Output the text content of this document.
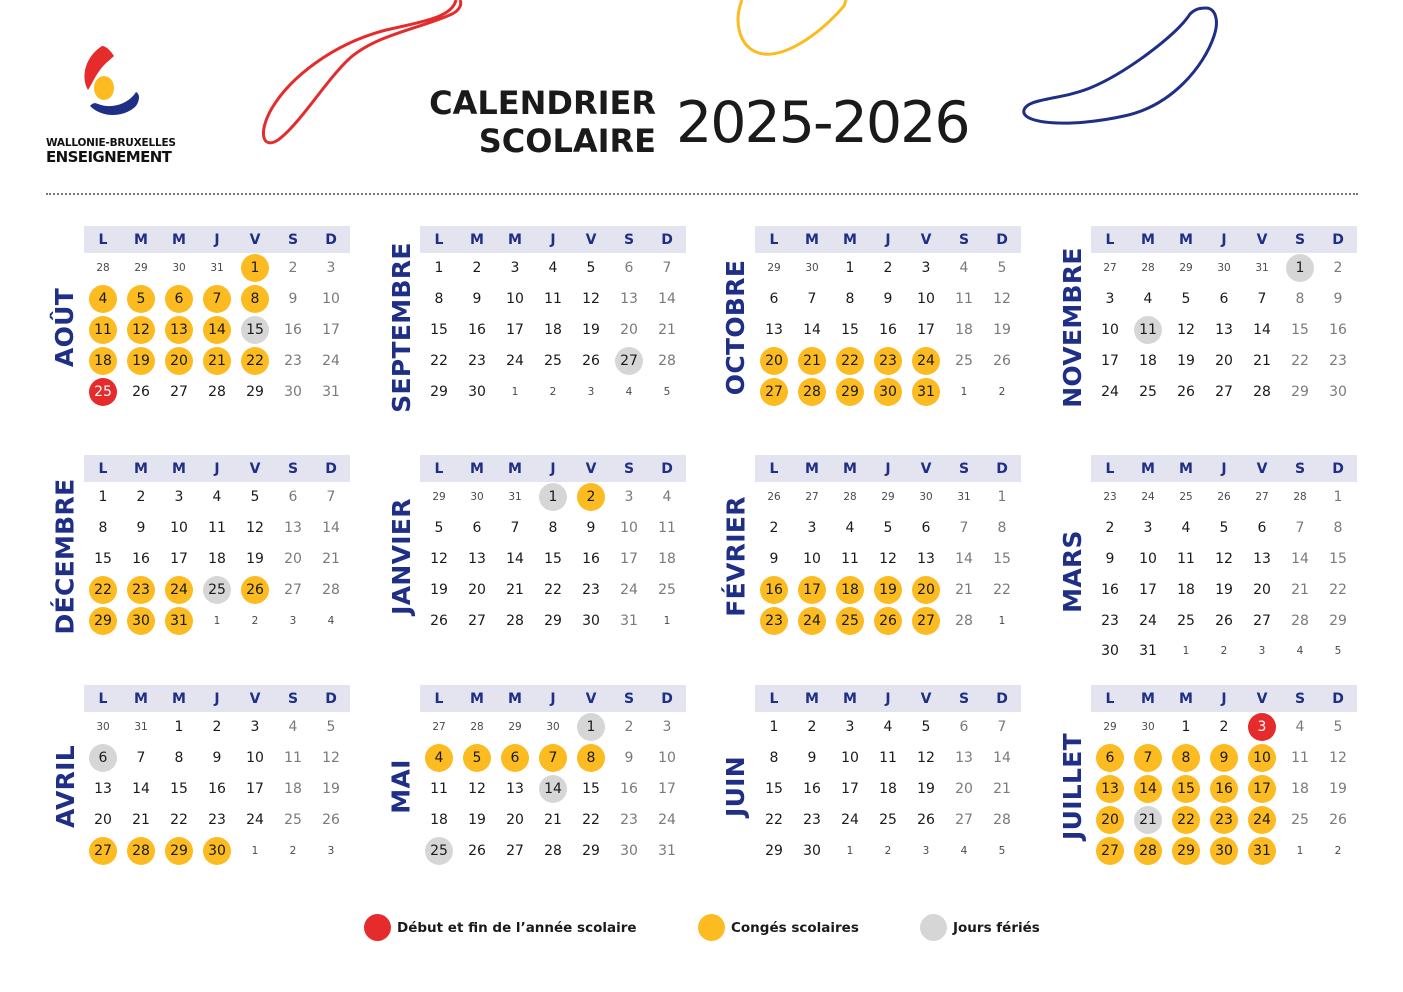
WALLONIE-BRUXELLES
ENSEIGNEMENT
CALENDRIER
SCOLAIRE 2025-2026
AOÛT
L	M	M	J	V	S	D
28	29	30	31	1	2	3
4	5	6	7	8	9	10
11	12	13	14	15	16	17
18	19	20	21	22	23	24
25	26	27	28	29	30	31 SEPTEMBRE
L	M	M	J	V	S	D
1	2	3	4	5	6	7
8	9	10	11	12	13	14
15	16	17	18	19	20	21
22	23	24	25	26	27	28
29	30	1	2	3	4	5	OCTOBRE
L	M	M	J	V	S	D
29	30	1	2	3	4	5
6	7	8	9	10	11	12
13	14	15	16	17	18	19
20	21	22	23	24	25	26
27	28	29	30	31	1	2	NOVEMBRE
L	M	M	J	V	S	D
27	28	29	30	31	1	2
3	4	5	6	7	8	9
10	11	12	13	14	15	16
17	18	19	20	21	22	23
24	25	26	27	28	29	30
DÉCEMBRE
L	M	M	J	V	S	D
1	2	3	4	5	6	7
8	9	10	11	12	13	14
15	16	17	18	19	20	21
22	23	24	25	26	27	28
29	30	31	1	2	3	4
JANVIER
L	M	M	J	V	S	D
29	30	31	1	2	3	4
5	6	7	8	9	10	11
12	13	14	15	16	17	18
19	20	21	22	23	24	25
26	27	28	29	30	31	1
FÉVRIER
L	M	M	J	V	S	D
26	27	28	29	30	31	1
2	3	4	5	6	7	8
9	10	11	12	13	14	15
16	17	18	19	20	21	22
23	24	25	26	27	28	1
MARS
L	M	M	J	V	S	D
23	24	25	26	27	28	1
2	3	4	5	6	7	8
9	10	11	12	13	14	15
16	17	18	19	20	21	22
23	24	25	26	27	28	29
30	31	1	2	3	4	5
AVRIL
L	M	M	J	V	S	D
30	31	1	2	3	4	5
6	7	8	9	10	11	12
13	14	15	16	17	18	19
20	21	22	23	24	25	26
27	28	29	30	1	2	3
MAI
L	M	M	J	V	S	D
27	28	29	30	1	2	3
4	5	6	7	8	9	10
11	12	13	14	15	16	17
18	19	20	21	22	23	24
25	26	27	28	29	30	31
JUIN
L	M	M	J	V	S	D
1	2	3	4	5	6	7
8	9	10	11	12	13	14
15	16	17	18	19	20	21
22	23	24	25	26	27	28
29	30	1	2	3	4	5
JUILLET
L	M	M	J	V	S	D
29	30	1	2	3	4	5
6	7	8	9	10	11	12
13	14	15	16	17	18	19
20	21	22	23	24	25	26
27	28	29	30	31	1	2
Début et fin de l’année scolaire	Congés scolaires	Jours fériés
